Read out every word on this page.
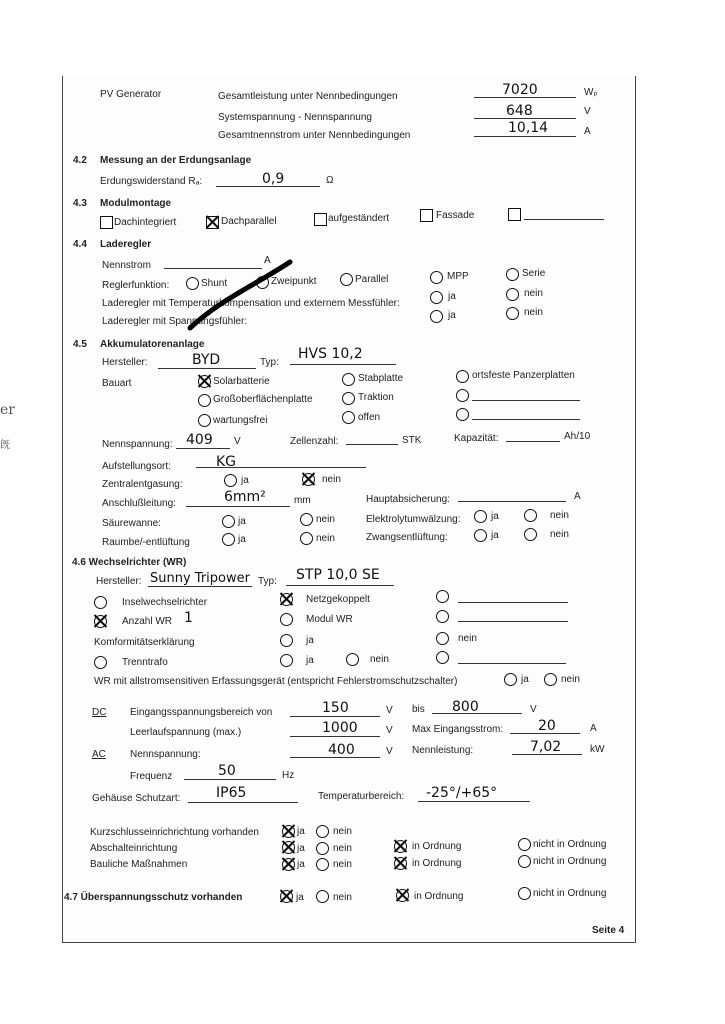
er
旣
PV Generator	Gesamtleistung unter Nennbedingungen	7020	Wₚ
Systemspannung - Nennspannung	648	V
Gesamtnennstrom unter Nennbedingungen	10,14	A
4.2 Messung an der Erdungsanlage
Erdungswiderstand Rₐ:	0,9	Ω
4.3 Modulmontage
Dachintegriert	Dachparallel	aufgeständert	Fassade
4.4 Laderegler
Nennstrom	A
Reglerfunktion:	Shunt	Zweipunkt	Parallel	MPP	Serie
Laderegler mit Temperaturkompensation und externem Messfühler:
ja	nein
Laderegler mit Spannungsfühler:
ja	nein
4.5 Akkumulatorenanlage
Hersteller:	BYD	Typ:
HVS 10,2
Bauart	Solarbatterie	Stabplatte	ortsfeste Panzerplatten
Großoberflächenplatte	Traktion
wartungsfrei	offen
Nennspannung: 409 V	Zellenzahl:	STK	Kapazität:	Ah/10
Aufstellungsort:	KG
Zentralentgasung:	ja	nein
Anschlußleitung:	6mm²	mm	Hauptabsicherung:	A
Säurewanne:	ja	nein	Elektrolytumwälzung:	ja	nein
Raumbe/-entlüftung	ja	nein	Zwangsentlüftung:	ja	nein
4.6 Wechselrichter (WR)
Hersteller: Sunny Tripower Typ: STP 10,0 SE
Inselwechselrichter	Netzgekoppelt
Anzahl WR 1	Modul WR
Komformitätserklärung	ja	nein
Trenntrafo	ja	nein
WR mit allstromsensitiven Erfassungsgerät (entspricht Fehlerstromschutzschalter)	ja	nein
DC Eingangsspannungsbereich von	150	V bis 800	V
Leerlaufspannung (max.)	1000	V Max Eingangsstrom: 20	A
AC Nennspannung:	400	V Nennleistung:	7,02	kW
Frequenz	50	Hz
Gehäuse Schutzart:	IP65	Temperaturbereich: -25°/+65°
Kurzschlusseinrichrichtung vorhanden	ja	nein
Abschalteinrichtung	ja	nein	in Ordnung	nicht in Ordnung
Bauliche Maßnahmen	ja	nein	in Ordnung	nicht in Ordnung
4.7 Überspannungsschutz vorhanden	ja	nein	in Ordnung	nicht in Ordnung
Seite 4
